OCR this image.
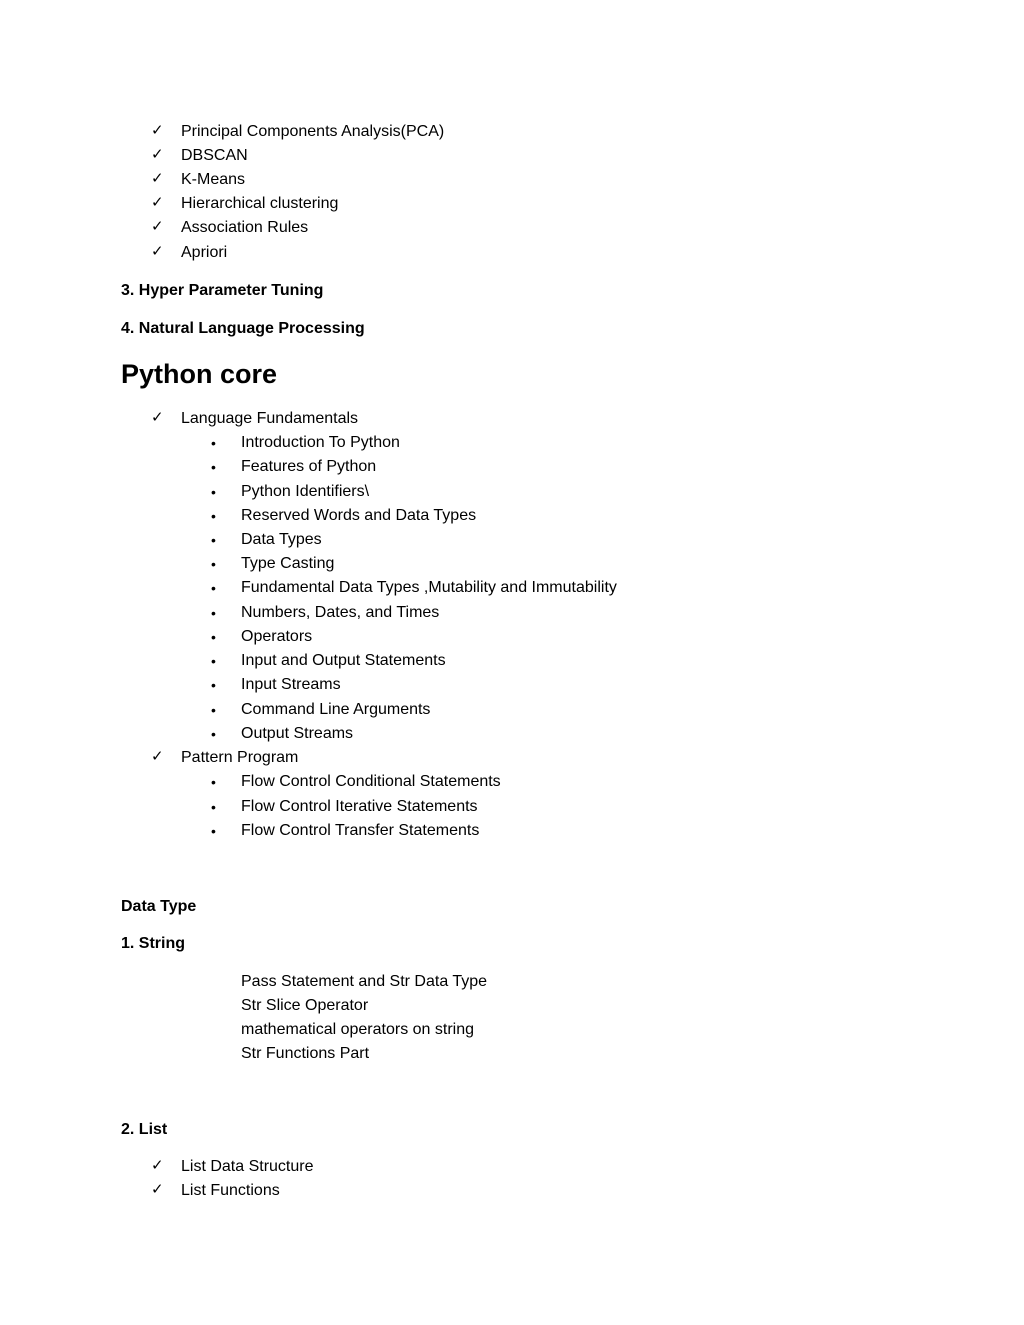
✓ Principal Components Analysis(PCA)
✓ DBSCAN
✓ K-Means
✓ Hierarchical clustering
✓ Association Rules
✓ Apriori
3. Hyper Parameter Tuning
4. Natural Language Processing
Python core
✓ Language Fundamentals
• Introduction To Python
• Features of Python
• Python Identifiers\
• Reserved Words and Data Types
• Data Types
• Type Casting
• Fundamental Data Types ,Mutability and Immutability
• Numbers, Dates, and Times
• Operators
• Input and Output Statements
• Input Streams
• Command Line Arguments
• Output Streams
✓ Pattern Program
• Flow Control Conditional Statements
• Flow Control Iterative Statements
• Flow Control Transfer Statements
Data Type
1. String
Pass Statement and Str Data Type
Str Slice Operator
mathematical operators on string
Str Functions Part
2. List
✓ List Data Structure
✓ List Functions
